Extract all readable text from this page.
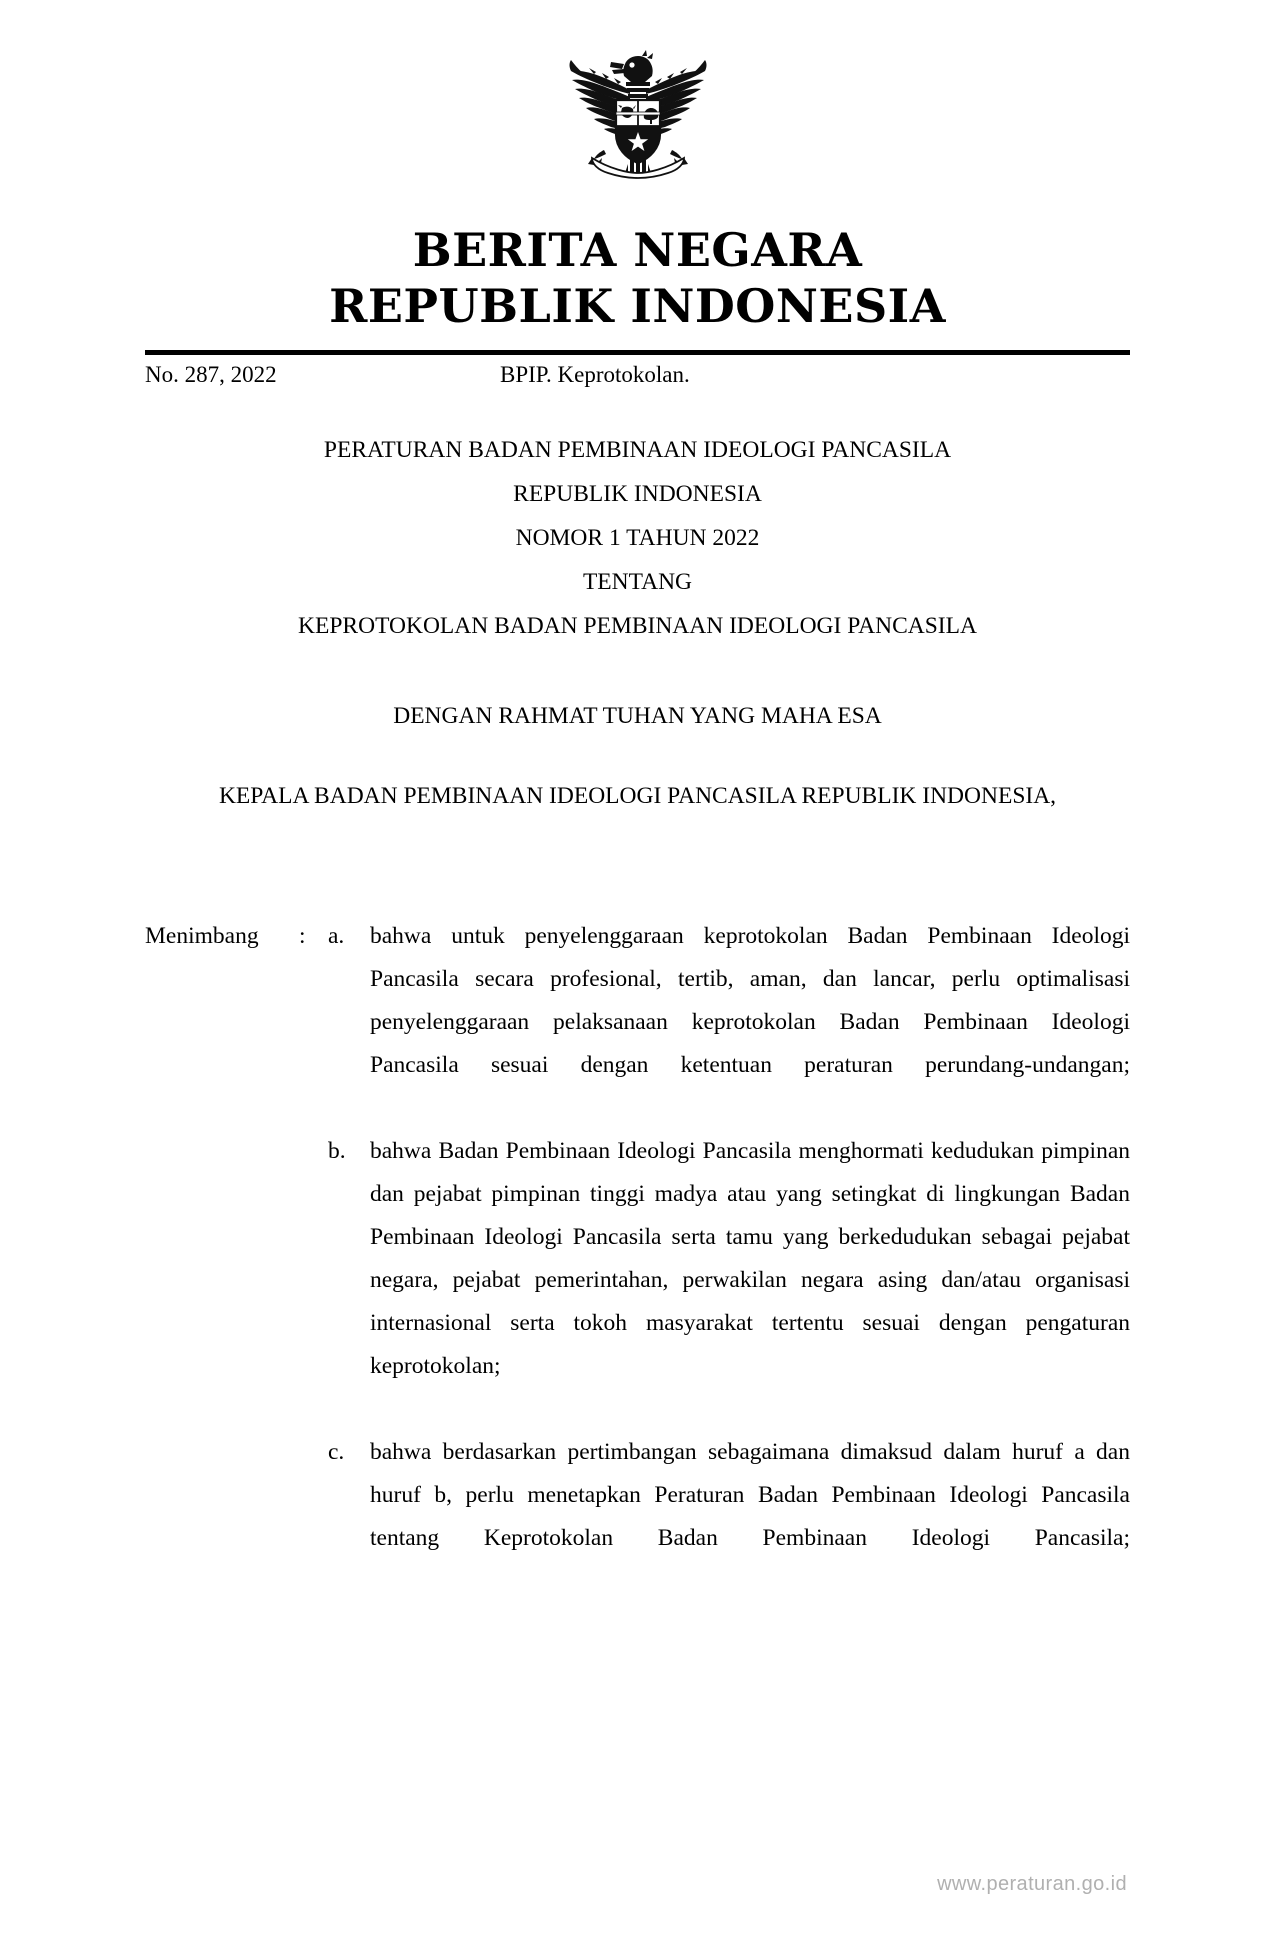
BERITA NEGARA
REPUBLIK INDONESIA
No. 287, 2022	BPIP. Keprotokolan.
PERATURAN BADAN PEMBINAAN IDEOLOGI PANCASILA
REPUBLIK INDONESIA
NOMOR 1 TAHUN 2022
TENTANG
KEPROTOKOLAN BADAN PEMBINAAN IDEOLOGI PANCASILA
DENGAN RAHMAT TUHAN YANG MAHA ESA
KEPALA BADAN PEMBINAAN IDEOLOGI PANCASILA REPUBLIK INDONESIA,
Menimbang	: a. bahwa untuk penyelenggaraan keprotokolan Badan Pembinaan Ideologi Pancasila secara profesional, tertib, aman, dan lancar, perlu optimalisasi penyelenggaraan pelaksanaan keprotokolan Badan Pembinaan Ideologi Pancasila sesuai dengan ketentuan peraturan perundang-undangan;
b. bahwa Badan Pembinaan Ideologi Pancasila menghormati kedudukan pimpinan dan pejabat pimpinan tinggi madya atau yang setingkat di lingkungan Badan Pembinaan Ideologi Pancasila serta tamu yang berkedudukan sebagai pejabat negara, pejabat pemerintahan, perwakilan negara asing dan/atau organisasi internasional serta tokoh masyarakat tertentu sesuai dengan pengaturan keprotokolan;
c. bahwa berdasarkan pertimbangan sebagaimana dimaksud dalam huruf a dan huruf b, perlu menetapkan Peraturan Badan Pembinaan Ideologi Pancasila tentang Keprotokolan Badan Pembinaan Ideologi Pancasila;
www.peraturan.go.id
